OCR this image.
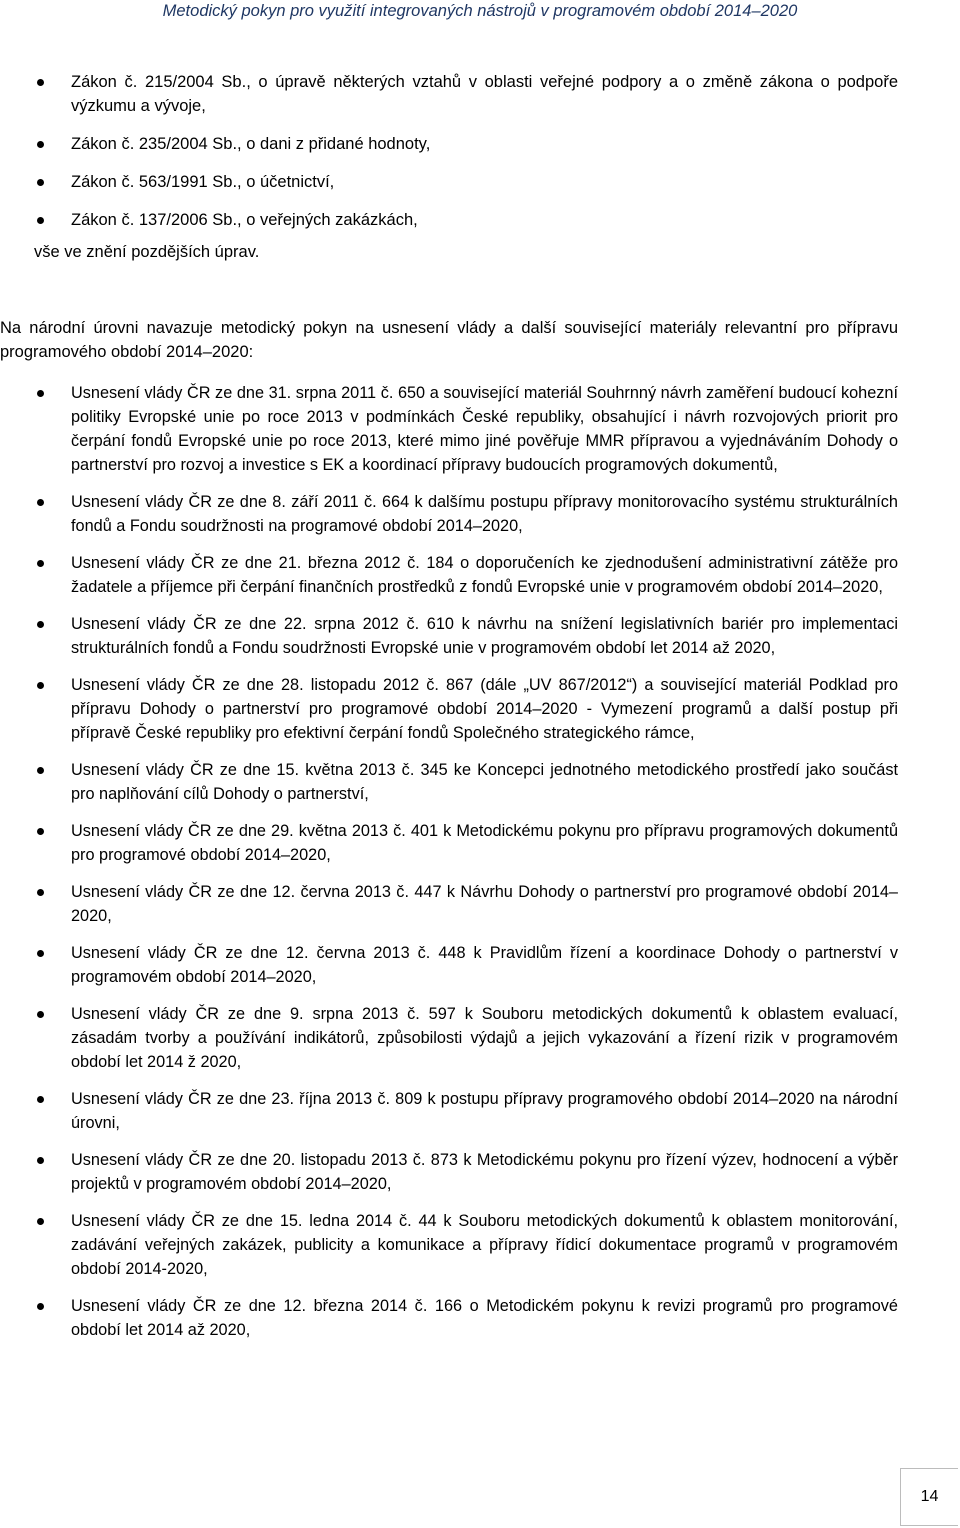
Metodický pokyn pro využití integrovaných nástrojů v programovém období 2014–2020
Zákon č. 215/2004 Sb., o úpravě některých vztahů v oblasti veřejné podpory a o změně zákona o podpoře výzkumu a vývoje,
Zákon č. 235/2004 Sb., o dani z přidané hodnoty,
Zákon č. 563/1991 Sb., o účetnictví,
Zákon č. 137/2006 Sb., o veřejných zakázkách,
vše ve znění pozdějších úprav.

Na národní úrovni navazuje metodický pokyn na usnesení vlády a další související materiály relevantní pro přípravu programového období 2014–2020:

Usnesení vlády ČR ze dne 31. srpna 2011 č. 650 a související materiál Souhrnný návrh zaměření budoucí kohezní politiky Evropské unie po roce 2013 v podmínkách České republiky, obsahující i návrh rozvojových priorit pro čerpání fondů Evropské unie po roce 2013, které mimo jiné pověřuje MMR přípravou a vyjednáváním Dohody o partnerství pro rozvoj a investice s EK a koordinací přípravy budoucích programových dokumentů,
Usnesení vlády ČR ze dne 8. září 2011 č. 664 k dalšímu postupu přípravy monitorovacího systému strukturálních fondů a Fondu soudržnosti na programové období 2014–2020,
Usnesení vlády ČR ze dne 21. března 2012 č. 184 o doporučeních ke zjednodušení administrativní zátěže pro žadatele a příjemce při čerpání finančních prostředků z fondů Evropské unie v programovém období 2014–2020,
Usnesení vlády ČR ze dne 22. srpna 2012 č. 610 k návrhu na snížení legislativních bariér pro implementaci strukturálních fondů a Fondu soudržnosti Evropské unie v programovém období let 2014 až 2020,
Usnesení vlády ČR ze dne 28. listopadu 2012 č. 867 (dále „UV 867/2012“) a související materiál Podklad pro přípravu Dohody o partnerství pro programové období 2014–2020 - Vymezení programů a další postup při přípravě České republiky pro efektivní čerpání fondů Společného strategického rámce,
Usnesení vlády ČR ze dne 15. května 2013 č. 345 ke Koncepci jednotného metodického prostředí jako součást pro naplňování cílů Dohody o partnerství,
Usnesení vlády ČR ze dne 29. května 2013 č. 401 k Metodickému pokynu pro přípravu programových dokumentů pro programové období 2014–2020,
Usnesení vlády ČR ze dne 12. června 2013 č. 447 k Návrhu Dohody o partnerství pro programové období 2014–2020,
Usnesení vlády ČR ze dne 12. června 2013 č. 448 k Pravidlům řízení a koordinace Dohody o partnerství v programovém období 2014–2020,
Usnesení vlády ČR ze dne 9. srpna 2013 č. 597 k Souboru metodických dokumentů k oblastem evaluací, zásadám tvorby a používání indikátorů, způsobilosti výdajů a jejich vykazování a řízení rizik v programovém období let 2014 ž 2020,
Usnesení vlády ČR ze dne 23. října 2013 č. 809 k postupu přípravy programového období 2014–2020 na národní úrovni,
Usnesení vlády ČR ze dne 20. listopadu 2013 č. 873 k Metodickému pokynu pro řízení výzev, hodnocení a výběr projektů v programovém období 2014–2020,
Usnesení vlády ČR ze dne 15. ledna 2014 č. 44 k Souboru metodických dokumentů k oblastem monitorování, zadávání veřejných zakázek, publicity a komunikace a přípravy řídicí dokumentace programů v programovém období 2014-2020,
Usnesení vlády ČR ze dne 12. března 2014 č. 166 o Metodickém pokynu k revizi programů pro programové období let 2014 až 2020,
14
